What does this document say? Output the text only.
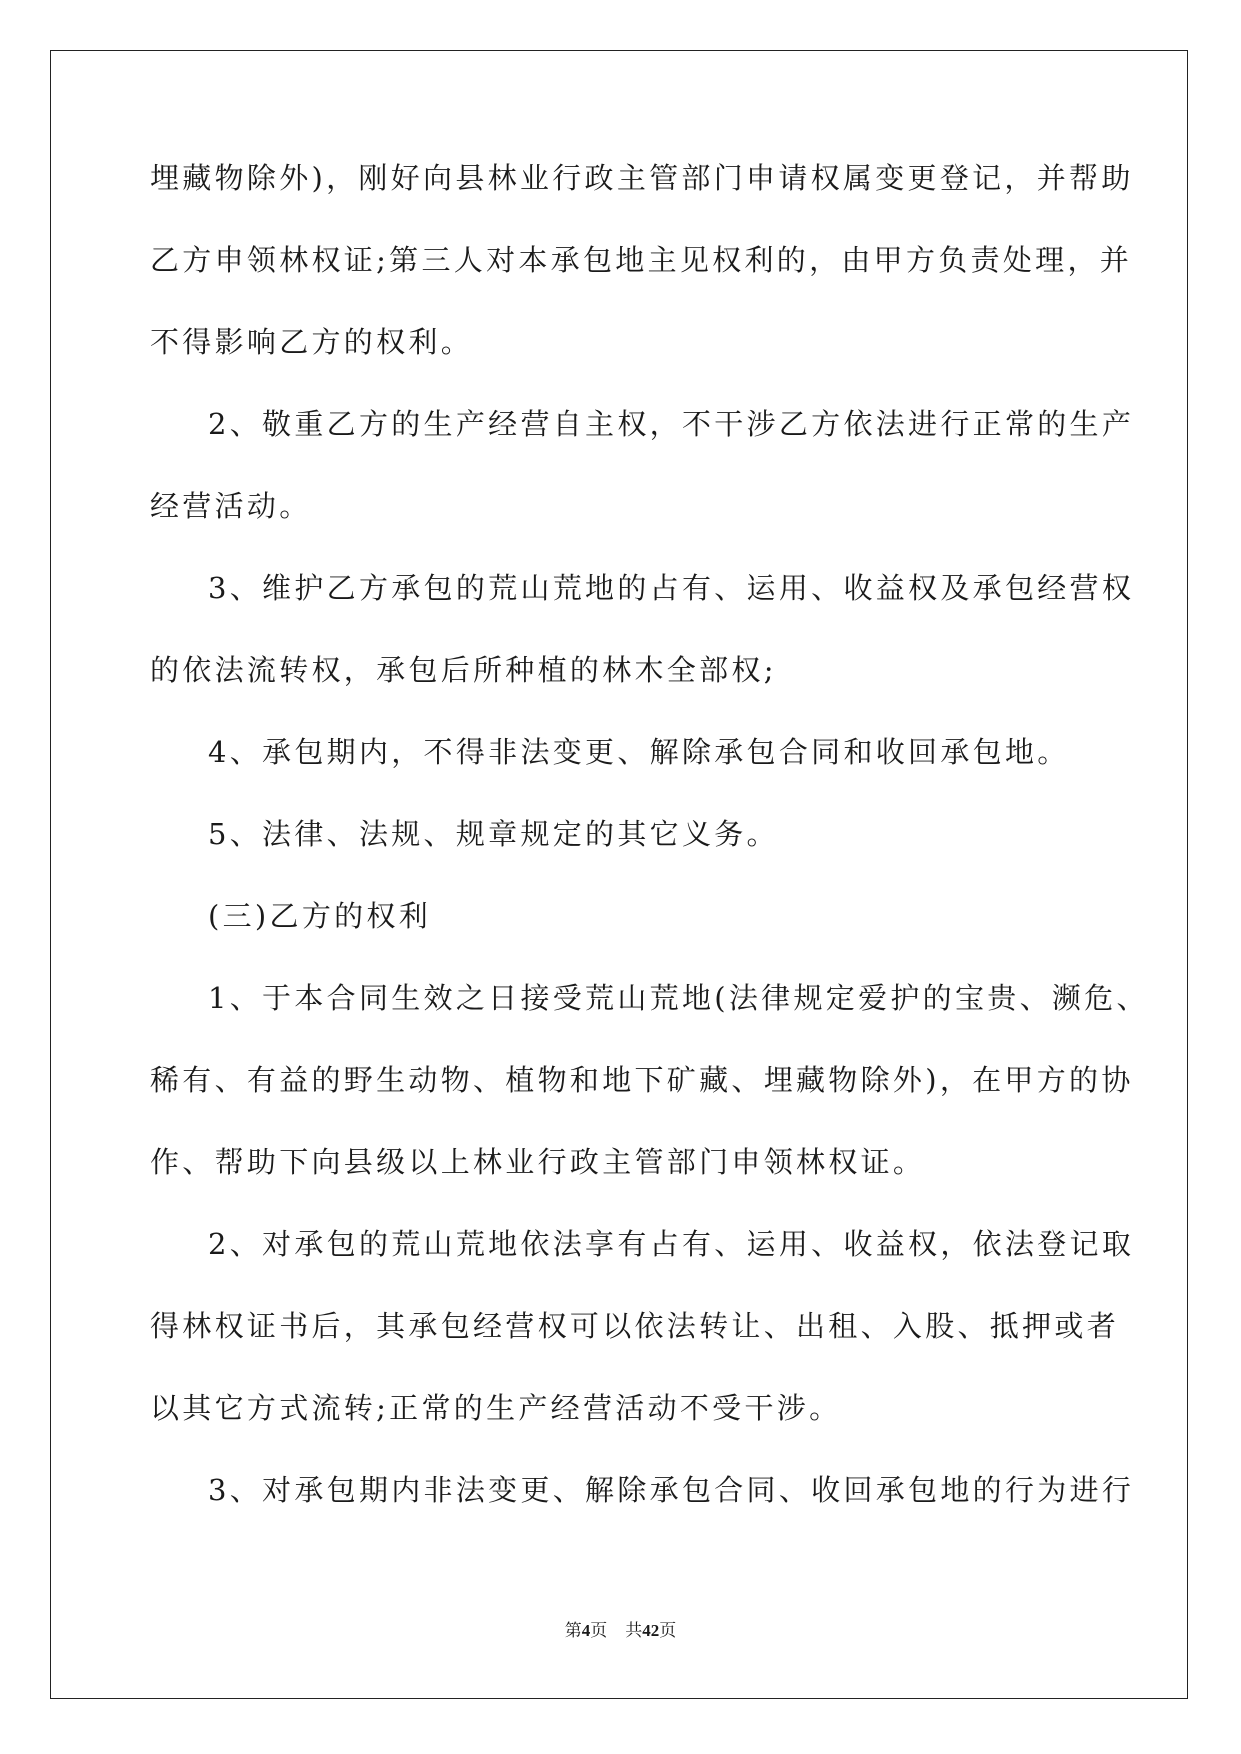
埋藏物除外)，刚好向县林业行政主管部门申请权属变更登记，并帮助
乙方申领林权证;第三人对本承包地主见权利的，由甲方负责处理，并
不得影响乙方的权利。
2、敬重乙方的生产经营自主权，不干涉乙方依法进行正常的生产
经营活动。
3、维护乙方承包的荒山荒地的占有、运用、收益权及承包经营权
的依法流转权，承包后所种植的林木全部权;
4、承包期内，不得非法变更、解除承包合同和收回承包地。
5、法律、法规、规章规定的其它义务。
(三)乙方的权利
1、于本合同生效之日接受荒山荒地(法律规定爱护的宝贵、濒危、
稀有、有益的野生动物、植物和地下矿藏、埋藏物除外)，在甲方的协
作、帮助下向县级以上林业行政主管部门申领林权证。
2、对承包的荒山荒地依法享有占有、运用、收益权，依法登记取
得林权证书后，其承包经营权可以依法转让、出租、入股、抵押或者
以其它方式流转;正常的生产经营活动不受干涉。
3、对承包期内非法变更、解除承包合同、收回承包地的行为进行
第4页 共42页
